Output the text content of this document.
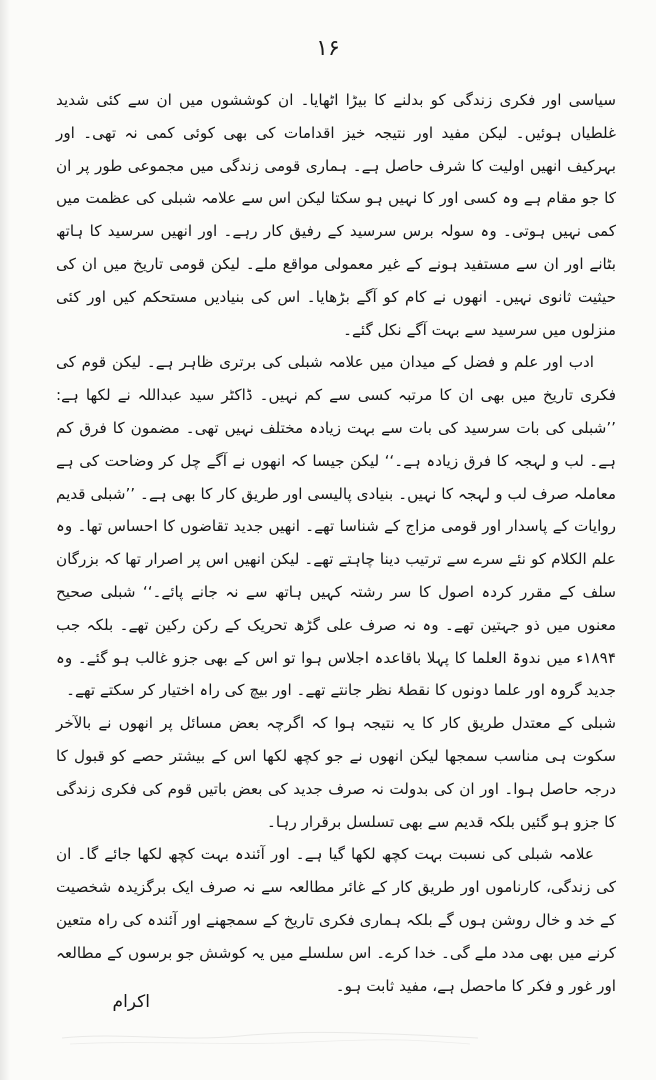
۱۶

سیاسی اور فکری زندگی کو بدلنے کا بیڑا اٹھایا۔ ان کوششوں میں ان سے کئی شدید غلطیاں ہوئیں۔ لیکن مفید اور نتیجہ خیز اقدامات کی بھی کوئی کمی نہ تھی۔ اور بہرکیف انھیں اولیت کا شرف حاصل ہے۔ ہماری قومی زندگی میں مجموعی طور پر ان کا جو مقام ہے وہ کسی اور کا نہیں ہو سکتا لیکن اس سے علامہ شبلی کی عظمت میں کمی نہیں ہوتی۔ وہ سولہ برس سرسید کے رفیق کار رہے۔ اور انھیں سرسید کا ہاتھ بٹانے اور ان سے مستفید ہونے کے غیر معمولی مواقع ملے۔ لیکن قومی تاریخ میں ان کی حیثیت ثانوی نہیں۔ انھوں نے کام کو آگے بڑھایا۔ اس کی بنیادیں مستحکم کیں اور کئی منزلوں میں سرسید سے بہت آگے نکل گئے۔

ادب اور علم و فضل کے میدان میں علامہ شبلی کی برتری ظاہر ہے۔ لیکن قوم کی فکری تاریخ میں بھی ان کا مرتبہ کسی سے کم نہیں۔ ڈاکٹر سید عبداللہ نے لکھا ہے: ’’شبلی کی بات سرسید کی بات سے بہت زیادہ مختلف نہیں تھی۔ مضمون کا فرق کم ہے۔ لب و لہجہ کا فرق زیادہ ہے۔‘‘ لیکن جیسا کہ انھوں نے آگے چل کر وضاحت کی ہے معاملہ صرف لب و لہجہ کا نہیں۔ بنیادی پالیسی اور طریق کار کا بھی ہے۔ ’’شبلی قدیم روایات کے پاسدار اور قومی مزاج کے شناسا تھے۔ انھیں جدید تقاضوں کا احساس تھا۔ وہ علم الکلام کو نئے سرے سے ترتیب دینا چاہتے تھے۔ لیکن انھیں اس پر اصرار تھا کہ بزرگان سلف کے مقرر کردہ اصول کا سر رشتہ کہیں ہاتھ سے نہ جانے پائے۔‘‘ شبلی صحیح معنوں میں ذو جہتین تھے۔ وہ نہ صرف علی گڑھ تحریک کے رکن رکین تھے۔ بلکہ جب ۱۸۹۴ء میں ندوۃ العلما کا پہلا باقاعدہ اجلاس ہوا تو اس کے بھی جزو غالب ہو گئے۔ وہ جدید گروہ اور علما دونوں کا نقطۂ نظر جانتے تھے۔ اور بیچ کی راہ اختیار کر سکتے تھے۔

شبلی کے معتدل طریق کار کا یہ نتیجہ ہوا کہ اگرچہ بعض مسائل پر انھوں نے بالآخر سکوت ہی مناسب سمجھا لیکن انھوں نے جو کچھ لکھا اس کے بیشتر حصے کو قبول کا درجہ حاصل ہوا۔ اور ان کی بدولت نہ صرف جدید کی بعض باتیں قوم کی فکری زندگی کا جزو ہو گئیں بلکہ قدیم سے بھی تسلسل برقرار رہا۔

علامہ شبلی کی نسبت بہت کچھ لکھا گیا ہے۔ اور آئندہ بہت کچھ لکھا جائے گا۔ ان کی زندگی، کارناموں اور طریق کار کے غائر مطالعہ سے نہ صرف ایک برگزیدہ شخصیت کے خد و خال روشن ہوں گے بلکہ ہماری فکری تاریخ کے سمجھنے اور آئندہ کی راہ متعین کرنے میں بھی مدد ملے گی۔ خدا کرے۔ اس سلسلے میں یہ کوشش جو برسوں کے مطالعہ اور غور و فکر کا ماحصل ہے، مفید ثابت ہو۔

اکرام
